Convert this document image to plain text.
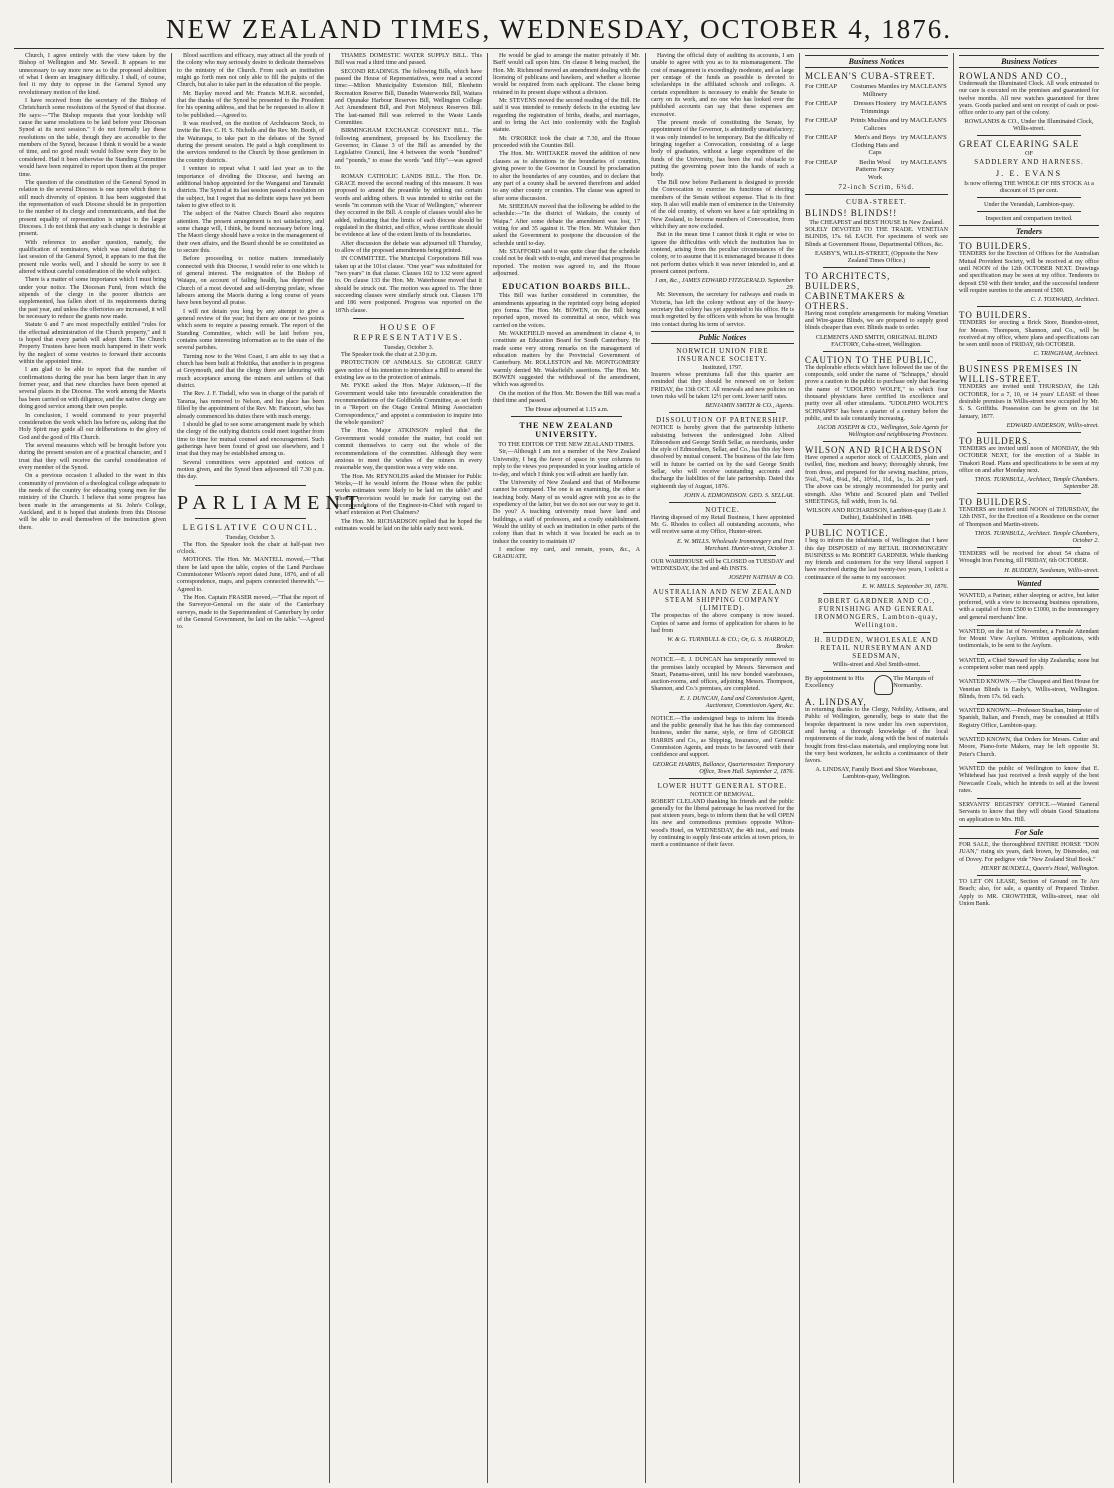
NEW ZEALAND TIMES, WEDNESDAY, OCTOBER 4, 1876.

Church, I agree entirely with the view taken by the Bishop of Wellington and Mr. Sewell. It appears to me unnecessary to say more now as to the proposed abolition of what I deem an imaginary difficulty. I shall, of course, feel it my duty to oppose in the General Synod any revolutionary motion of the kind.

I have received from the secretary of the Bishop of Christchurch some resolutions of the Synod of that diocese. He says:—"The Bishop requests that your lordship will cause the same resolutions to be laid before your Diocesan Synod at its next session." I do not formally lay these resolutions on the table, though they are accessible to the members of the Synod, because I think it would be a waste of time, and no good result would follow were they to be considered. Had it been otherwise the Standing Committee would have been required to report upon them at the proper time.

The question of the constitution of the General Synod in relation to the several Dioceses is one upon which there is still much diversity of opinion. It has been suggested that the representation of each Diocese should be in proportion to the number of its clergy and communicants, and that the present equality of representation is unjust to the larger Dioceses. I do not think that any such change is desirable at present.

With reference to another question, namely, the qualification of nominators, which was raised during the last session of the General Synod, it appears to me that the present rule works well, and I should be sorry to see it altered without careful consideration of the whole subject.

There is a matter of some importance which I must bring under your notice. The Diocesan Fund, from which the stipends of the clergy in the poorer districts are supplemented, has fallen short of its requirements during the past year, and unless the offertories are increased, it will be necessary to reduce the grants now made.

Statute 6 and 7 are most respectfully entitled "rules for the effectual administration of the Church property," and it is hoped that every parish will adopt them. The Church Property Trustees have been much hampered in their work by the neglect of some vestries to forward their accounts within the appointed time.

I am glad to be able to report that the number of confirmations during the year has been larger than in any former year, and that new churches have been opened at several places in the Diocese. The work among the Maoris has been carried on with diligence, and the native clergy are doing good service among their own people.

In conclusion, I would commend to your prayerful consideration the work which lies before us, asking that the Holy Spirit may guide all our deliberations to the glory of God and the good of His Church.

The several measures which will be brought before you during the present session are of a practical character, and I trust that they will receive the careful consideration of every member of the Synod.

On a previous occasion I alluded to the want in this community of provision of a theological college adequate to the needs of the country for educating young men for the ministry of the Church. I believe that some progress has been made in the arrangements at St. John's College, Auckland, and it is hoped that students from this Diocese will be able to avail themselves of the instruction given there.

Blood sacrifices and efficacy, may attract all the youth of the colony who may seriously desire to dedicate themselves to the ministry of the Church. From such an institution might go forth men not only able to fill the pulpits of the Church, but also to take part in the education of the people.

Mr. Baylay moved and Mr. Francis M.H.R. seconded, that the thanks of the Synod be presented to the President for his opening address, and that he be requested to allow it to be published.—Agreed to.

It was resolved, on the motion of Archdeacon Stock, to invite the Rev. C. H. S. Nicholls and the Rev. Mr. Booth, of the Wairarapa, to take part in the debates of the Synod during the present session. He paid a high compliment to the services rendered to the Church by those gentlemen in the country districts.

I venture to repeat what I said last year as to the importance of dividing the Diocese, and having an additional bishop appointed for the Wanganui and Taranaki districts. The Synod at its last session passed a resolution on the subject, but I regret that no definite steps have yet been taken to give effect to it.

The subject of the Native Church Board also requires attention. The present arrangement is not satisfactory, and some change will, I think, be found necessary before long. The Maori clergy should have a voice in the management of their own affairs, and the Board should be so constituted as to secure this.

Before proceeding to notice matters immediately connected with this Diocese, I would refer to one which is of general interest. The resignation of the Bishop of Waiapu, on account of failing health, has deprived the Church of a most devoted and self-denying prelate, whose labours among the Maoris during a long course of years have been beyond all praise.

I will not detain you long by any attempt to give a general review of the year; but there are one or two points which seem to require a passing remark. The report of the Standing Committee, which will be laid before you, contains some interesting information as to the state of the several parishes.

Turning now to the West Coast, I am able to say that a church has been built at Hokitika, that another is in progress at Greymouth, and that the clergy there are labouring with much acceptance among the miners and settlers of that district.

The Rev. J. F. Tisdall, who was in charge of the parish of Tararua, has removed to Nelson, and his place has been filled by the appointment of the Rev. Mr. Fancourt, who has already commenced his duties there with much energy.

I should be glad to see some arrangement made by which the clergy of the outlying districts could meet together from time to time for mutual counsel and encouragement. Such gatherings have been found of great use elsewhere, and I trust that they may be established among us.

Several committees were appointed and notices of motion given, and the Synod then adjourned till 7.30 p.m. this day.

PARLIAMENT.
LEGISLATIVE COUNCIL.
Tuesday, October 3.

The Hon. the Speaker took the chair at half-past two o'clock.

MOTIONS. The Hon. Mr. MANTELL moved,—"That there be laid upon the table, copies of the Land Purchase Commissioner Wilson's report dated June, 1876, and of all correspondence, maps, and papers connected therewith."—Agreed to.

The Hon. Captain FRASER moved,—"That the report of the Surveyor-General on the state of the Canterbury surveys, made to the Superintendent of Canterbury by order of the General Government, be laid on the table."—Agreed to.

THAMES DOMESTIC WATER SUPPLY BILL. This Bill was read a third time and passed.

SECOND READINGS. The following Bills, which have passed the House of Representatives, were read a second time:—Milton Municipality Extension Bill, Blenheim Recreation Reserve Bill, Dunedin Waterworks Bill, Waitara and Opunake Harbour Reserves Bill, Wellington College Act Amendment Bill, and Port Molyneux Reserves Bill. The last-named Bill was referred to the Waste Lands Committee.

BIRMINGHAM EXCHANGE CONSENT BILL. The following amendment, proposed by his Excellency the Governor, in Clause 3 of the Bill as amended by the Legislative Council, line 4 between the words "hundred" and "pounds," to erase the words "and fifty"—was agreed to.

ROMAN CATHOLIC LANDS BILL. The Hon. Dr. GRACE moved the second reading of this measure. It was proposed to amend the preamble by striking out certain words and adding others. It was intended to strike out the words "in common with the Vicar of Wellington," wherever they occurred in the Bill. A couple of clauses would also be added, indicating that the limits of each diocese should be regulated in the district, and office, whose certificate should be evidence at law of the extent limits of its boundaries.

After discussion the debate was adjourned till Thursday, to allow of the proposed amendments being printed.

IN COMMITTEE. The Municipal Corporations Bill was taken up at the 101st clause. "One year" was substituted for "two years" in that clause. Clauses 102 to 132 were agreed to. On clause 133 the Hon. Mr. Waterhouse moved that it should be struck out. The motion was agreed to. The three succeeding clauses were similarly struck out. Clauses 178 and 186 were postponed. Progress was reported on the 187th clause.

HOUSE OF REPRESENTATIVES.
Tuesday, October 3.

The Speaker took the chair at 2.30 p.m.

PROTECTION OF ANIMALS. Sir GEORGE GREY gave notice of his intention to introduce a Bill to amend the existing law as to the protection of animals.

Mr. PYKE asked the Hon. Major Atkinson,—If the Government would take into favourable consideration the recommendations of the Goldfields Committee, as set forth in a "Report on the Otago Central Mining Association Correspondence," and appoint a commission to inquire into the whole question?

The Hon. Major ATKINSON replied that the Government would consider the matter, but could not commit themselves to carry out the whole of the recommendations of the committee. Although they were anxious to meet the wishes of the miners in every reasonable way, the question was a very wide one.

The Hon. Mr. REYNOLDS asked the Minister for Public Works,—If he would inform the House when the public works estimates were likely to be laid on the table? and whether provision would be made for carrying out the recommendations of the Engineer-in-Chief with regard to wharf extension at Port Chalmers?

The Hon. Mr. RICHARDSON replied that he hoped the estimates would be laid on the table early next week.

He would be glad to arrange the matter privately if Mr. Barff would call upon him. On clause 8 being reached, the Hon. Mr. Richmond moved an amendment dealing with the licensing of publicans and hawkers, and whether a license would be required from each applicant. The clause being retained in its present shape without a division.

Mr. STEVENS moved the second reading of the Bill. He said it was intended to remedy defects in the existing law regarding the registration of births, deaths, and marriages, and to bring the Act into conformity with the English statute.

Mr. O'RORKE took the chair at 7.30, and the House proceeded with the Counties Bill.

The Hon. Mr. WHITAKER moved the addition of new clauses as to alterations in the boundaries of counties, giving power to the Governor in Council by proclamation to alter the boundaries of any counties, and to declare that any part of a county shall be severed therefrom and added to any other county or counties. The clause was agreed to after some discussion.

Mr. SHEEHAN moved that the following be added to the schedule:—"In the district of Waikato, the county of Waipa." After some debate the amendment was lost, 17 voting for and 35 against it. The Hon. Mr. Whitaker then asked the Government to postpone the discussion of the schedule until to-day.

Mr. STAFFORD said it was quite clear that the schedule could not be dealt with to-night, and moved that progress be reported. The motion was agreed to, and the House adjourned.

EDUCATION BOARDS BILL.

This Bill was further considered in committee, the amendments appearing in the reprinted copy being adopted pro forma. The Hon. Mr. BOWEN, on the Bill being reported upon, moved its committal at once, which was carried on the voices.

Mr. WAKEFIELD moved an amendment in clause 4, to constitute an Education Board for South Canterbury. He made some very strong remarks on the management of education matters by the Provincial Government of Canterbury. Mr. ROLLESTON and Mr. MONTGOMERY warmly denied Mr. Wakefield's assertions. The Hon. Mr. BOWEN suggested the withdrawal of the amendment, which was agreed to.

On the motion of the Hon. Mr. Bowen the Bill was read a third time and passed.

The House adjourned at 1.15 a.m.

THE NEW ZEALAND UNIVERSITY.
TO THE EDITOR OF THE NEW ZEALAND TIMES.

Sir,—Although I am not a member of the New Zealand University, I beg the favor of space in your columns to reply to the views you propounded in your leading article of to-day, and which I think you will admit are hardly fair.

The University of New Zealand and that of Melbourne cannot be compared. The one is an examining, the other a teaching body. Many of us would agree with you as to the expediency of the latter, but we do not see our way to get it. Do you? A teaching university must have land and buildings, a staff of professors, and a costly establishment. Would the utility of such an institution in other parts of the colony than that in which it was located be such as to induce the country to maintain it?

I enclose my card, and remain, yours, &c., A GRADUATE.

Having the official duty of auditing its accounts, I am unable to agree with you as to its mismanagement. The cost of management is exceedingly moderate, and as large per centage of the funds as possible is devoted to scholarships in the affiliated schools and colleges. A certain expenditure is necessary to enable the Senate to carry on its work, and no one who has looked over the published accounts can say that these expenses are excessive.

The present mode of constituting the Senate, by appointment of the Governor, is admittedly unsatisfactory; it was only intended to be temporary. But the difficulty of bringing together a Convocation, consisting of a large body of graduates, without a large expenditure of the funds of the University, has been the real obstacle to putting the governing power into the hands of such a body.

The Bill now before Parliament is designed to provide the Convocation to exercise its functions of electing members of the Senate without expense. That is its first step. It also will enable men of eminence in the University of the old country, of whom we have a fair sprinkling in New Zealand, to become members of Convocation, from which they are now excluded.

But in the mean time I cannot think it right or wise to ignore the difficulties with which the institution has to contend, arising from the peculiar circumstances of the colony, or to assume that it is mismanaged because it does not perform duties which it was never intended to, and at present cannot perform.

I am, &c., JAMES EDWARD FITZGERALD. September 29.

Mr. Stevenson, the secretary for railways and roads in Victoria, has left the colony without any of the heavy-secretary that colony has yet appointed to his office. He is much regretted by the officers with whom he was brought into contact during his term of service.

Public Notices
NORWICH UNION FIRE INSURANCE SOCIETY.
Instituted, 1797.

Insurers whose premiums fall due this quarter are reminded that they should be renewed on or before FRIDAY, the 13th OCT. All renewals and new policies on town risks will be taken 12½ per cent. lower tariff rates.

BENJAMIN SMITH & CO., Agents.

DISSOLUTION OF PARTNERSHIP.

NOTICE is hereby given that the partnership hitherto subsisting between the undersigned John Alfred Edmondson and George Smith Sellar, as merchants, under the style of Edmondson, Sellar, and Co., has this day been dissolved by mutual consent. The business of the late firm will in future be carried on by the said George Smith Sellar, who will receive outstanding accounts and discharge the liabilities of the late partnership. Dated this eighteenth day of August, 1876.

JOHN A. EDMONDSON. GEO. S. SELLAR.

NOTICE.

Having disposed of my Retail Business, I have appointed Mr. G. Rhodes to collect all outstanding accounts, who will receive same at my Office, Hunter-street.

E. W. MILLS. Wholesale Ironmongery and Iron Merchant. Hunter-street, October 3.

OUR WAREHOUSE will be CLOSED on TUESDAY and WEDNESDAY, the 3rd and 4th INSTS.

JOSEPH NATHAN & CO.

AUSTRALIAN AND NEW ZEALAND STEAM SHIPPING COMPANY (LIMITED).

The prospectus of the above company is now issued. Copies of same and forms of application for shares to be had from

W. & G. TURNBULL & CO.; Or, G. S. HARROLD, Broker.

NOTICE.—E. J. DUNCAN has temporarily removed to the premises lately occupied by Messrs. Stevenson and Stuart, Panama-street, until his new bonded warehouses, auction-rooms, and offices, adjoining Messrs. Thompson, Shannon, and Co.'s premises, are completed.

E. J. DUNCAN, Land and Commission Agent, Auctioneer, Commission Agent, &c.

NOTICE.—The undersigned begs to inform his friends and the public generally that he has this day commenced business, under the name, style, or firm of GEORGE HARRIS and Co., as Shipping, Insurance, and General Commission Agents, and trusts to be favoured with their confidence and support.

GEORGE HARRIS, Ballance, Quartermaster. Temporary Office, Town Hall. September 2, 1876.

LOWER HUTT GENERAL STORE.
NOTICE OF REMOVAL.

ROBERT CLELAND thanking his friends and the public generally for the liberal patronage he has received for the past sixteen years, begs to inform them that he will OPEN his new and commodious premises opposite Wilton-wood's Hotel, on WEDNESDAY, the 4th inst., and trusts by continuing to supply first-rate articles at town prices, to merit a continuance of their favor.

Business Notices
MCLEAN'S CUBA-STREET.
For CHEAP	Costumes Mantles Millinery
try MACLEAN'S
For CHEAP	Dresses Hosiery Trimmings
try MACLEAN'S
For CHEAP	Prints Muslins and Calicoes
try MACLEAN'S
For CHEAP	Men's and Boys Clothing Hats and Caps
try MACLEAN'S
For CHEAP	Berlin Wool Patterns Fancy Work
try MACLEAN'S
72-inch Scrim, 6½d.
CUBA-STREET.
BLINDS! BLINDS!!
The CHEAPEST and BEST HOUSE In New Zealand.

SOLELY DEVOTED TO THE TRADE. VENETIAN BLINDS, 17s. 6d. EACH. For specimens of work see Blinds at Government House, Departmental Offices, &c.

EASBY'S, WILLIS-STREET, (Opposite the New Zealand Times Office.)

TO ARCHITECTS, BUILDERS, CABINETMAKERS & OTHERS.

Having most complete arrangements for making Venetian and Wire-gauze Blinds, we are prepared to supply good blinds cheaper than ever. Blinds made to order.

CLEMENTS AND SMITH, ORIGINAL BLIND FACTORY, Cuba-street, Wellington.

CAUTION TO THE PUBLIC.

The deplorable effects which have followed the use of the compounds, sold under the name of "Schnapps," should prove a caution to the public to purchase only that bearing the name of "UDOLPHO WOLFE," to which four thousand physicians have certified its excellence and purity over all other stimulants. "UDOLPHO WOLFE'S SCHNAPPS" has been a quarter of a century before the public, and its sale constantly increasing.

JACOB JOSEPH & CO., Wellington, Sole Agents for Wellington and neighbouring Provinces.

WILSON AND RICHARDSON

Have opened a superior stock of CALICOES, plain and twilled, fine, medium and heavy; thoroughly shrunk, free from dress, and prepared for the sewing machine, prices, 5¼d., 7¼d., 8¼d., 9d., 10½d., 11d., 1s., 1s. 2d. per yard. The above can be strongly recommended for purity and strength. Also White and Scoured plain and Twilled SHEETINGS, full width, from 1s. 6d.

WILSON AND RICHARDSON, Lambton-quay (Late J. Duthie), Established in 1848.

PUBLIC NOTICE.

I beg to inform the inhabitants of Wellington that I have this day DISPOSED of my RETAIL IRONMONGERY BUSINESS to Mr. ROBERT GARDNER. While thanking my friends and customers for the very liberal support I have received during the last twenty-two years, I solicit a continuance of the same to my successor.

E. W. MILLS. September 30, 1876.

ROBERT GARDNER AND CO., FURNISHING AND GENERAL IRONMONGERS, Lambton-quay, Wellington.

H. BUDDEN, WHOLESALE AND RETAIL NURSERYMAN AND SEEDSMAN,

Willis-street and Abel Smith-street.
By appointment to His Excellency
The Marquis of Normanby.
A. LINDSAY,

in returning thanks to the Clergy, Nobility, Artisans, and Public of Wellington, generally, begs to state that the bespoke department is now under his own supervision, and having a thorough knowledge of the local requirements of the trade, along with the best of materials bought from first-class materials, and employing none but the very best workmen, he solicits a continuance of their favors.

A. LINDSAY, Family Boot and Shoe Warehouse, Lambton-quay, Wellington.

Business Notices
ROWLANDS AND CO.,

Underneath the Illuminated Clock. All work entrusted to our care is executed on the premises and guaranteed for twelve months. All new watches guaranteed for three years. Goods packed and sent on receipt of cash or post-office order to any part of the colony.

ROWLANDS & CO., Under the Illuminated Clock, Willis-street.

GREAT CLEARING SALE
OF
SADDLERY AND HARNESS.
J. E. EVANS

Is now offering THE WHOLE OF HIS STOCK At a discount of 15 per cent.

Under the Verandah, Lambton-quay.

Inspection and comparison invited.

Tenders
TO BUILDERS.

TENDERS for the Erection of Offices for the Australian Mutual Provident Society, will be received at my office until NOON of the 12th OCTOBER NEXT. Drawings and specification may be seen at my office. Tenderers to deposit £50 with their tender, and the successful tenderer will require sureties to the amount of £500.

C. J. TOXWARD, Architect.

TO BUILDERS.

TENDERS for erecting a Brick Store, Brandon-street, for Messrs. Thompson, Shannon, and Co., will be received at my office, where plans and specifications can be seen until noon of FRIDAY, 6th OCTOBER.

C. TRINGHAM, Architect.

BUSINESS PREMISES IN WILLIS-STREET.

TENDERS are invited until THURSDAY, the 12th OCTOBER, for a 7, 10, or 14 years' LEASE of those desirable premises in Willis-street now occupied by Mr. S. S. Griffiths. Possession can be given on the 1st January, 1877.

EDWARD ANDERSON, Willis-street.

TO BUILDERS.

TENDERS are invited until noon of MONDAY, the 9th OCTOBER NEXT, for the erection of a Stable in Tinakori Road. Plans and specifications to be seen at my office on and after Monday next.

THOS. TURNBULL, Architect, Temple Chambers. September 28.

TO BUILDERS.

TENDERS are invited until NOON of THURSDAY, the 12th INST., for the Erection of a Residence on the corner of Thompson and Martin-streets.

THOS. TURNBULL, Architect. Temple Chambers, October 2.

TENDERS will be received for about 54 chains of Wrought Iron Fencing, till FRIDAY, 6th OCTOBER.

H. BUDDEN, Seedsman, Willis-street.

Wanted

WANTED, a Partner, either sleeping or active, but latter preferred, with a view to increasing business operations, with a capital of from £500 to £1000, in the ironmongery and general merchants' line.

WANTED, on the 1st of November, a Female Attendant for Mount View Asylum. Written applications, with testimonials, to be sent to the Asylum.

WANTED, a Chief Steward for ship Zealandia; none but a competent sober man need apply.

WANTED KNOWN.—The Cheapest and Best House for Venetian Blinds is Easby's, Willis-street, Wellington. Blinds, from 17s. 6d. each.

WANTED KNOWN.—Professor Strachan, Interpreter of Spanish, Italian, and French, may be consulted at Hill's Registry Office, Lambton-quay.

WANTED KNOWN, that Orders for Messrs. Cotter and Moore, Piano-forte Makers, may be left opposite St. Peter's Church.

WANTED the public of Wellington to know that E. Whitehead has just received a fresh supply of the best Newcastle Coals, which he intends to sell at the lowest rates.

SERVANTS' REGISTRY OFFICE.—Wanted General Servants to know that they will obtain Good Situations on application to Mrs. Hill.

For Sale

FOR SALE, the thoroughbred ENTIRE HORSE "DON JUAN," rising six years, dark brown, by Dismodes, out of Dovey. For pedigree vide "New Zealand Stud Book."

HENRY BUNDELL, Queen's Hotel, Wellington.

TO LET ON LEASE, Section of Ground on Te Aro Beach; also, for sale, a quantity of Prepared Timber. Apply to MR. CROWTHER, Willis-street, near old Union Bank.
